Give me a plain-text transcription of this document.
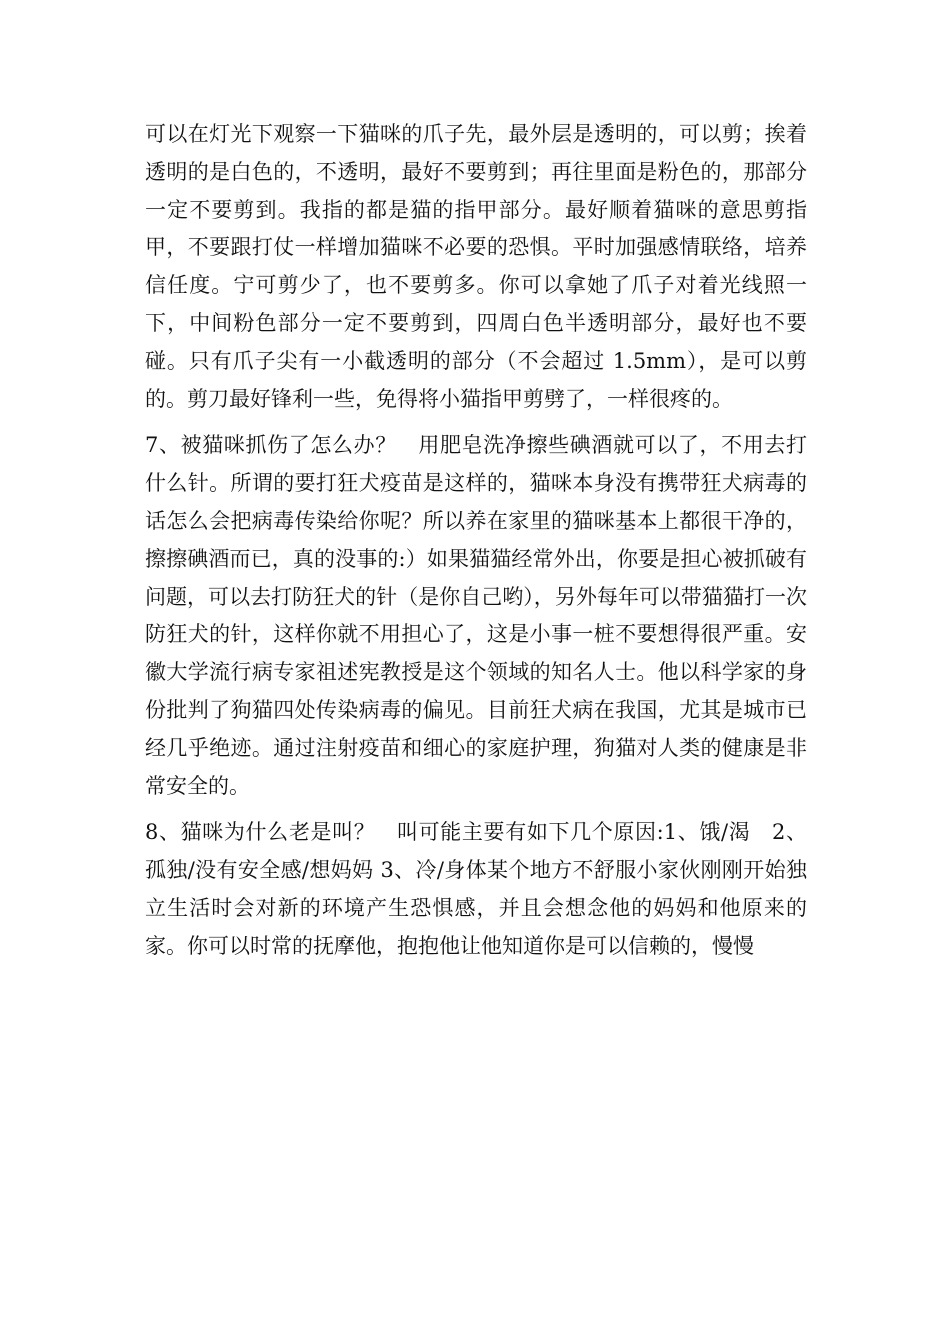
可以在灯光下观察一下猫咪的爪子先，最外层是透明的，可以剪；挨着透明的是白色的，不透明，最好不要剪到；再往里面是粉色的，那部分一定不要剪到。我指的都是猫的指甲部分。最好顺着猫咪的意思剪指甲，不要跟打仗一样增加猫咪不必要的恐惧。平时加强感情联络，培养信任度。宁可剪少了，也不要剪多。你可以拿她了爪子对着光线照一下，中间粉色部分一定不要剪到，四周白色半透明部分，最好也不要碰。只有爪子尖有一小截透明的部分（不会超过 1.5mm），是可以剪的。剪刀最好锋利一些，免得将小猫指甲剪劈了，一样很疼的。

7、被猫咪抓伤了怎么办？　用肥皂洗净擦些碘酒就可以了，不用去打什么针。所谓的要打狂犬疫苗是这样的，猫咪本身没有携带狂犬病毒的话怎么会把病毒传染给你呢？所以养在家里的猫咪基本上都很干净的，擦擦碘酒而已，真的没事的:）如果猫猫经常外出，你要是担心被抓破有问题，可以去打防狂犬的针（是你自己哟），另外每年可以带猫猫打一次防狂犬的针，这样你就不用担心了，这是小事一桩不要想得很严重。安徽大学流行病专家祖述宪教授是这个领域的知名人士。他以科学家的身份批判了狗猫四处传染病毒的偏见。目前狂犬病在我国，尤其是城市已经几乎绝迹。通过注射疫苗和细心的家庭护理，狗猫对人类的健康是非常安全的。

8、猫咪为什么老是叫？　叫可能主要有如下几个原因:1、饿/渴　2、孤独/没有安全感/想妈妈 3、冷/身体某个地方不舒服小家伙刚刚开始独立生活时会对新的环境产生恐惧感，并且会想念他的妈妈和他原来的家。你可以时常的抚摩他，抱抱他让他知道你是可以信赖的，慢慢
